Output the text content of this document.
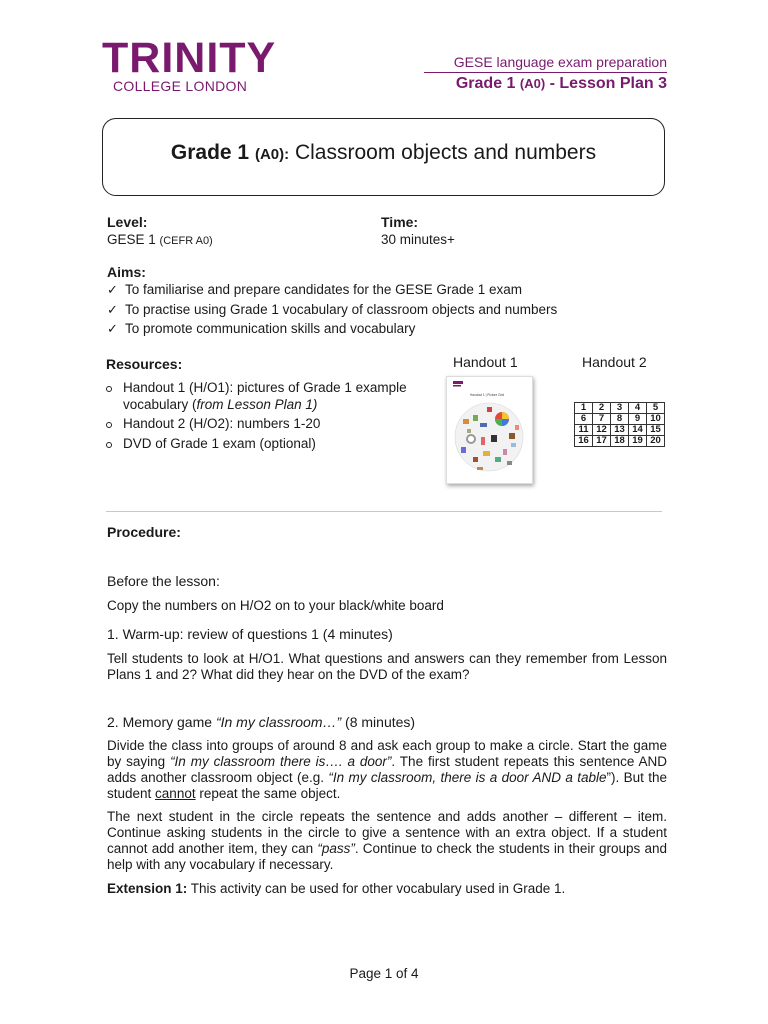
TRINITY
COLLEGE LONDON
GESE language exam preparation
Grade 1 (A0) - Lesson Plan 3
Grade 1 (A0): Classroom objects and numbers
Level:
GESE 1 (CEFR A0)
Time:
30 minutes+
Aims:
✓ To familiarise and prepare candidates for the GESE Grade 1 exam
✓ To practise using Grade 1 vocabulary of classroom objects and numbers
✓ To promote communication skills and vocabulary
Resources:
Handout 1 (H/O1): pictures of Grade 1 example vocabulary (from Lesson Plan 1)
Handout 2 (H/O2): numbers 1-20
DVD of Grade 1 exam (optional)
Handout 1	Handout 2
Handout 1 | Picture Grid
1	2	3	4	5
6	7	8	9	10
11	12	13	14	15
16	17	18	19	20
Procedure:
Before the lesson:
Copy the numbers on H/O2 on to your black/white board
1. Warm-up: review of questions 1 (4 minutes)
Tell students to look at H/O1. What questions and answers can they remember from Lesson Plans 1 and 2? What did they hear on the DVD of the exam?
2. Memory game “In my classroom…” (8 minutes)
Divide the class into groups of around 8 and ask each group to make a circle. Start the game by saying “In my classroom there is…. a door”. The first student repeats this sentence AND adds another classroom object (e.g. “In my classroom, there is a door AND a table”). But the student cannot repeat the same object.
The next student in the circle repeats the sentence and adds another – different – item. Continue asking students in the circle to give a sentence with an extra object. If a student cannot add another item, they can “pass”. Continue to check the students in their groups and help with any vocabulary if necessary.
Extension 1: This activity can be used for other vocabulary used in Grade 1.
Page 1 of 4
